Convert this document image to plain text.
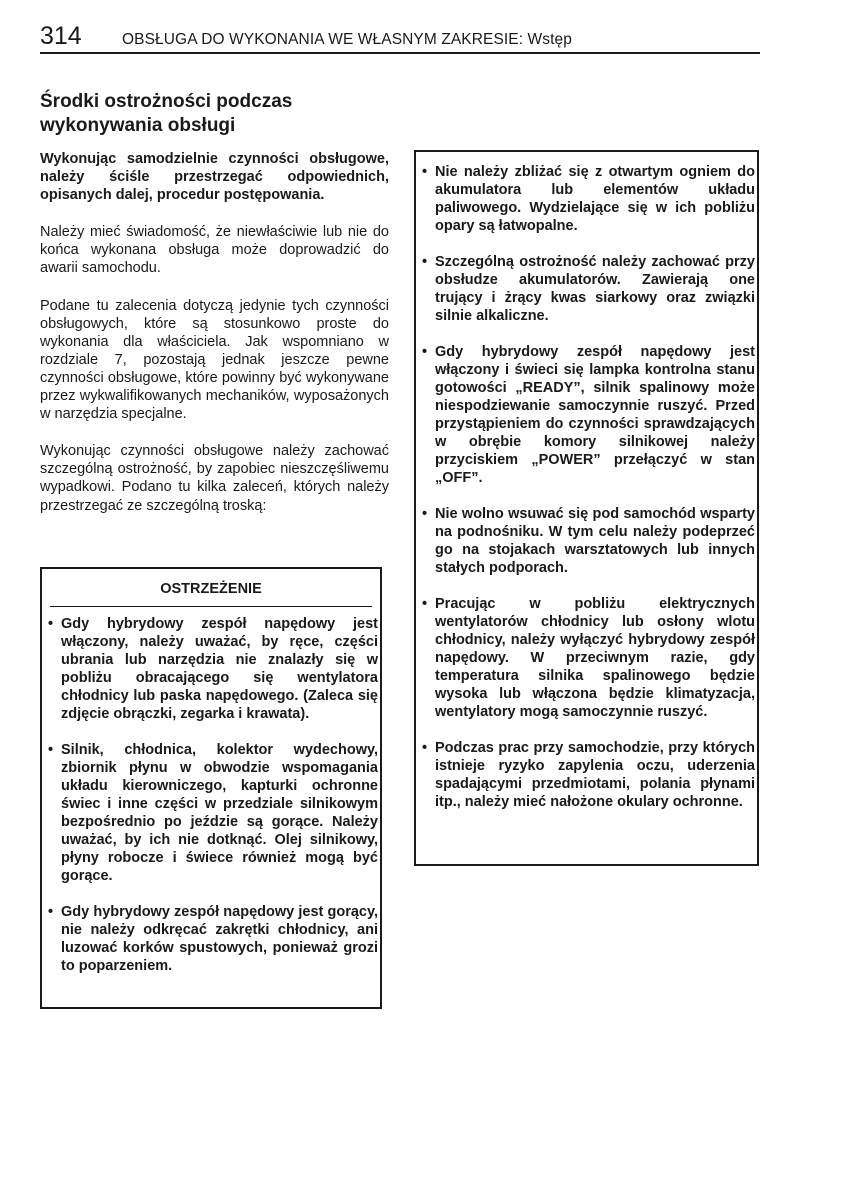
314	OBSŁUGA DO WYKONANIA WE WŁASNYM ZAKRESIE: Wstęp
Środki ostrożności podczas wykonywania obsługi

Wykonując samodzielnie czynności obsługowe, należy ściśle przestrzegać odpowiednich, opisanych dalej, procedur postępowania.

Należy mieć świadomość, że niewłaściwie lub nie do końca wykonana obsługa może doprowadzić do awarii samochodu.

Podane tu zalecenia dotyczą jedynie tych czynności obsługowych, które są stosunkowo proste do wykonania dla właściciela. Jak wspomniano w rozdziale 7, pozostają jednak jeszcze pewne czynności obsługowe, które powinny być wykonywane przez wykwalifikowanych mechaników, wyposażonych w narzędzia specjalne.

Wykonując czynności obsługowe należy zachować szczególną ostrożność, by zapobiec nieszczęśliwemu wypadkowi. Podano tu kilka zaleceń, których należy przestrzegać ze szczególną troską:

OSTRZEŻENIE
• Gdy hybrydowy zespół napędowy jest włączony, należy uważać, by ręce, części ubrania lub narzędzia nie znalazły się w pobliżu obracającego się wentylatora chłodnicy lub paska napędowego. (Zaleca się zdjęcie obrączki, zegarka i krawata).
• Silnik, chłodnica, kolektor wydechowy, zbiornik płynu w obwodzie wspomagania układu kierowniczego, kapturki ochronne świec i inne części w przedziale silnikowym bezpośrednio po jeździe są gorące. Należy uważać, by ich nie dotknąć. Olej silnikowy, płyny robocze i świece również mogą być gorące.
• Gdy hybrydowy zespół napędowy jest gorący, nie należy odkręcać zakrętki chłodnicy, ani luzować korków spustowych, ponieważ grozi to poparzeniem.
• Nie należy zbliżać się z otwartym ogniem do akumulatora lub elementów układu paliwowego. Wydzielające się w ich pobliżu opary są łatwopalne.
• Szczególną ostrożność należy zachować przy obsłudze akumulatorów. Zawierają one trujący i żrący kwas siarkowy oraz związki silnie alkaliczne.
• Gdy hybrydowy zespół napędowy jest włączony i świeci się lampka kontrolna stanu gotowości „READY”, silnik spalinowy może niespodziewanie samoczynnie ruszyć. Przed przystąpieniem do czynności sprawdzających w obrębie komory silnikowej należy przyciskiem „POWER” przełączyć w stan „OFF”.
• Nie wolno wsuwać się pod samochód wsparty na podnośniku. W tym celu należy podeprzeć go na stojakach warsztatowych lub innych stałych podporach.
• Pracując w pobliżu elektrycznych wentylatorów chłodnicy lub osłony wlotu chłodnicy, należy wyłączyć hybrydowy zespół napędowy. W przeciwnym razie, gdy temperatura silnika spalinowego będzie wysoka lub włączona będzie klimatyzacja, wentylatory mogą samoczynnie ruszyć.
• Podczas prac przy samochodzie, przy których istnieje ryzyko zapylenia oczu, uderzenia spadającymi przedmiotami, polania płynami itp., należy mieć nałożone okulary ochronne.
